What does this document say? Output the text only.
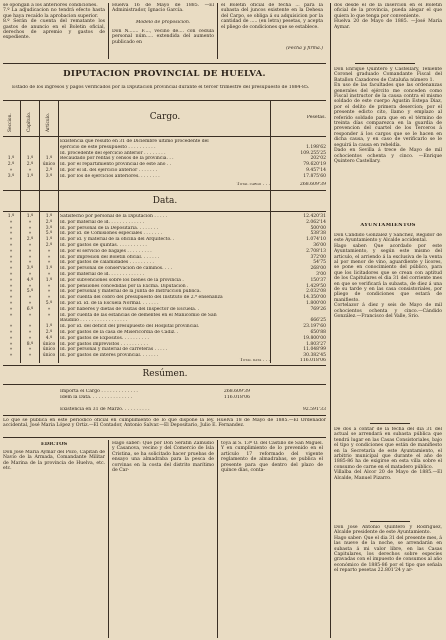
se opongan á los anteriores condiciones.
7.º La adjudicacion no tendrá efecto hasta que haya recaído la aprobacion superior.
8.º Serán de cuenta del rematante los gastos de anuncio en el Boletin oficial, derechos de apremio y gastos de expediente.
Huelva 16 de Mayo de 1885. —El Administrador, Ignacio García.
Modelo de proposicion.
Don N....... F...., vecino de.... con cédula personal núm..... extendida del aumento publicado en
el Boletin oficial de fecha ... para la subasta del juncos existente en la Dehesa del Carpo, se obliga á su adquisicion por la cantidad de ..... (en letra) pesetas, y acepta el pliego de condiciones que se establece.
(Fecha y firma.)
DIPUTACION PROVINCIAL DE HUELVA.
Estado de los ingresos y pagos verificados por la Diputacion provincial durante el tercer trimestre del presupuesto de 1884-85.
Seccion.	Capítulo.	Artículo.	Cargo.	Pesetas.
Existencia que resultó en 31 de Diciembre último procedente del
ejercicio de este presupuesto . . . . . . . . . .	1.198'62
Id. procedente del ejercicio anterior . . . . . . . .	109.255'25
1.º	1.º	1.º	Recaudado por rentas y censos de la provincia. . .	202'02
2.º	2.º	único	Id. por el repartimiento provincial de este año . .	79.620'19
»	»	2.º	Id. por el id. del ejercicio anterior . . . . . . .	9.457'14
3.º	1.º	3.º	Id. por los de ejercicios anteriores. . . . . . . .	17.875'60
Total cargo . . .	268.609'39
Data.
1.º	1.º	1.º	Satisfecho por personal de la Diputacion . . . . .	12.420'31
»	»	2.º	Id. por material de id. . . . . . . . . . . . .	2.062'14
»	»	3.º	Id. por personal de la Depositaría. . . . . . . .	500'00
»	»	5.º	Id. por id. de Comisiones especiales . . . . . . .	538'38
»	2.º	1.º	Id. por id. y material de la oficina del Arquitecto. .	1.074'10
»	»	2.º	Id. por gastos de quintas. . . . . . . . . . .	36'00
»	»	»	Id. por el servicio de bagajes . . . . . . . . .	2.708'13
»	»	»	Id. por impresion del Boletin oficial. . . . . . .	372'00
»	»	»	Id. por gastos de calamidades . . . . . . . . .	54'75
»	3.º	1.º	Id. por personal de conservacion de caminos. . . .	268'00
»	»	»	Id. por material de id. . . . . . . . . . . . .	3'00
»	4.º	1.º	Id. por subvenciones sobre los bienes de la provincia .	150'37
»	»	»	Id. por pensiones concedidas por la Excma. Diputacion .	1.429'50
»	5.º	»	Id. por personal y material de la Junta de Instruccion pública.	2.032'08
»	»	»	Id. por cuenta del cobro del presupuesto del Instituto de 2.ª enseñanza	14.350'00
»	»	5.º	Id. por id. id. de la Escuela Normal. . . . . . .	1.800'00
»	6.º	»	Id. por haberes y dietas de visitas del Inspector de Escuela. .	769'26
»	»	»	Id. por cuenta de las estancias de dementes en el Manicomio de San
Baudilio . . . . . . . . . . . . . . . . .	666'25
»	»	1.º	Id. por id. del déficit del presupuesto del Hospital provincial.	23.197'60
»	»	2.º	Id. por gastos de la casa de Misericordia de Cádiz. .	650'88
»	»	4.º	Id. por gastos de Expósitos. . . . . . . . . .	19.800'00
»	8.º	único	Id. por gastos imprevistos . . . . . . . . . .	1.803'27
»	»	único	Id. por personal y material de carreteras . . . . .	11.048'99
»	»	único	Id. por gastos de interés provincial. . . . . . .	30.382'45
Total data . . .	116.018'06
Resúmen.
Importa el Cargo . . . . . . . . . . . . .	268.609'39
Idem la Data. . . . . . . . . . . . . . .	116.018'06
Existencia en 31 de Marzo. . . . . . . . . .	92.591'33
Lo que se publica en este periódico oficial en cumplimiento de lo que dispone la ley. Huelva 18 de Mayo de 1885.—El Ordenador accidental, José Maria López y Ortiz.—El Contador, Antonio Salvar.—El Depositario, Julio E. Fernandez.
EDICTOS
Don José María Aymar del Pozo, Capitan de Navío de la Armada, Comandante Militar de Marina de la provincia de Huelva, etc. etc.
Hago saber: Que por Don Serafín Zamudio y Casanova, vecino y del Comercio de Isla Cristina, se ha solicitado hacer pruebas de ensayo una almadraba para la pesca de corvinas en la costa del distrito marítimo de Car-
toya al S. 13º O. del Castillo de San Miguel. Y en cumplimiento de lo prevenido en el artículo 17 reformado del vigente reglamento de almadrabas, se publica el presente para que dentro del plazo de quince días, conta-
dos desde el de la insercion en el Boletin oficial de la provincia, pueda alegar el que quiera lo que tenga por conveniente.
Huelva 20 de Mayo de 1885. —José María Aymar.
Don Enrique Quintero y Castellary, Teniente Coronel graduado Comandante Fiscal del Batallon Cazadores de Cataluña número 1.
En uso de las facultades que las ordenanzas generales del ejército me conceden como Fiscal instructor de la causa contra el mismo soldado de este cuerpo Agustin Estepa Diaz, por el delito de primera desercion; por el presente edicto cito, llamo y emplazo al referido soldado para que en el término de treinta días comparezca en la guardia de prevencion del cuartel de los Terceros á responder á los cargos que se le hacen en dicha causa, y en caso de verificarlo se le seguirá la causa en rebeldía.
Dado en Sevilla á trece de Mayo de mil ochocientos ochenta y cinco. —Enrique Quintero Castellary.
AYUNTAMIENTOS
Don Cándido González y Sánchez, Regidor de este Ayuntamiento y Alcalde accidental.
Hago saber: Que acordado por este Ayuntamiento, y según este mismo del articulo, el arriendo á la exclusiva de la venta al por menor de vino, aguardiente y licores, se pone en conocimiento del público, para que los licitadores que se crean con aptitud de los Capitulares el dia 31 del corriente mes en que se verificará la subasta, de diez á una de su tarde y en las casa consistoriales, por pliego de condiciones que estará de manifiesto.
Cortelazor á diez y seis de Mayo de mil ochocientos ochenta y cinco.—Cándido González.—Francisco del Valle, Srio.
De dos á contar de la fecha del dia 31 del actual se arrendará en subasta pública que tendrá lugar en las Casas Consistoriales, bajo el tipo y condiciones que están de manifiesto en la Secretaría de este Ayuntamiento, el arbitrio municipal que durante el año de 1885-86 ha de exigirse en esta villa sobre el consumo de carne en el matadero público.
Villalba del Alcor 20 de Mayo de 1885.—El Alcalde, Manuel Pizarro.
Don José Antonio Quintero y Rodríguez, Alcalde presidente de este Ayuntamiento.
Hago saber: Que el dia 31 del presente mes, á las nueve de la noche, se arrendarán en subasta á mi valor libre, en las Casas Capitulares, los derechos sobre especies gravadas con el impuesto de consumos al año económico de 1885-86 por el tipo que señala el reparto pesetas 22.801'24 y ar-
